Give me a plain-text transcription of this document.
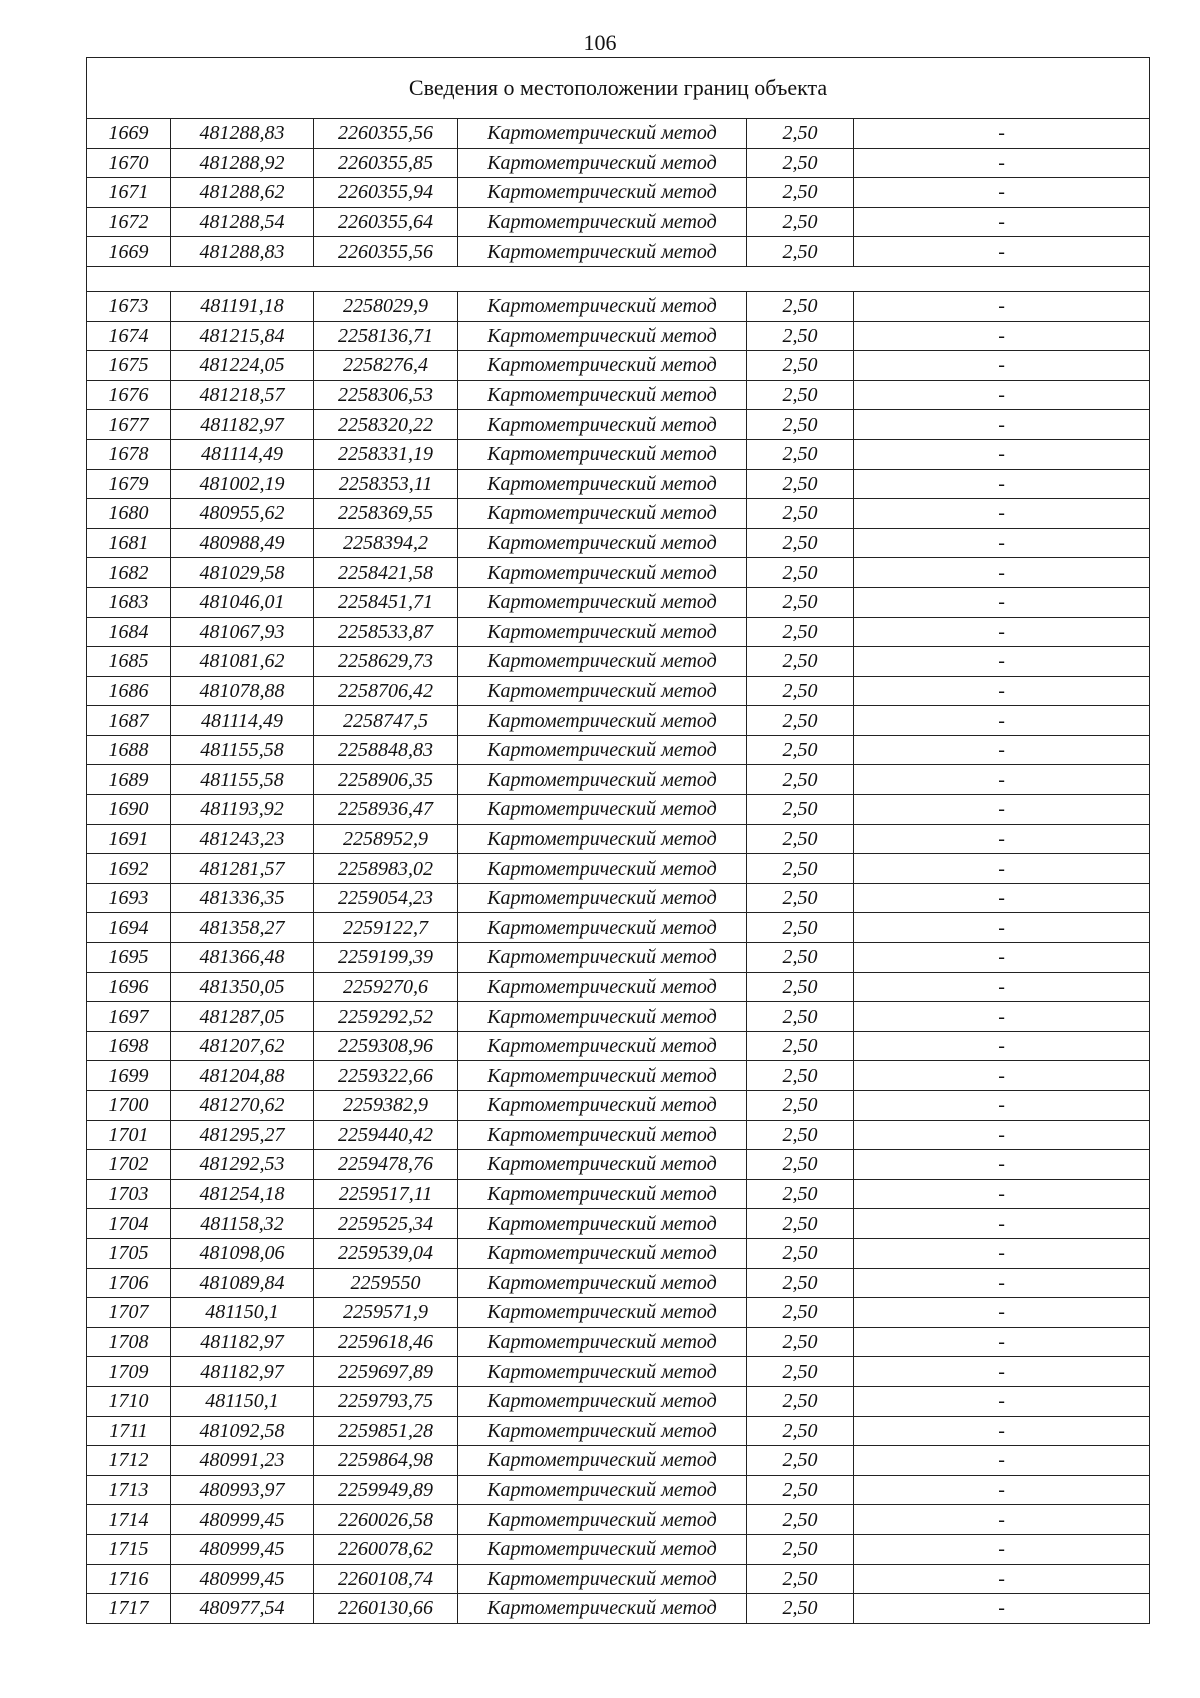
106
Сведения о местоположении границ объекта					
1669	481288,83	2260355,56	Картометрический метод	2,50	-
1670	481288,92	2260355,85	Картометрический метод	2,50	-
1671	481288,62	2260355,94	Картометрический метод	2,50	-
1672	481288,54	2260355,64	Картометрический метод	2,50	-
1669	481288,83	2260355,56	Картометрический метод	2,50	-

1673	481191,18	2258029,9	Картометрический метод	2,50	-
1674	481215,84	2258136,71	Картометрический метод	2,50	-
1675	481224,05	2258276,4	Картометрический метод	2,50	-
1676	481218,57	2258306,53	Картометрический метод	2,50	-
1677	481182,97	2258320,22	Картометрический метод	2,50	-
1678	481114,49	2258331,19	Картометрический метод	2,50	-
1679	481002,19	2258353,11	Картометрический метод	2,50	-
1680	480955,62	2258369,55	Картометрический метод	2,50	-
1681	480988,49	2258394,2	Картометрический метод	2,50	-
1682	481029,58	2258421,58	Картометрический метод	2,50	-
1683	481046,01	2258451,71	Картометрический метод	2,50	-
1684	481067,93	2258533,87	Картометрический метод	2,50	-
1685	481081,62	2258629,73	Картометрический метод	2,50	-
1686	481078,88	2258706,42	Картометрический метод	2,50	-
1687	481114,49	2258747,5	Картометрический метод	2,50	-
1688	481155,58	2258848,83	Картометрический метод	2,50	-
1689	481155,58	2258906,35	Картометрический метод	2,50	-
1690	481193,92	2258936,47	Картометрический метод	2,50	-
1691	481243,23	2258952,9	Картометрический метод	2,50	-
1692	481281,57	2258983,02	Картометрический метод	2,50	-
1693	481336,35	2259054,23	Картометрический метод	2,50	-
1694	481358,27	2259122,7	Картометрический метод	2,50	-
1695	481366,48	2259199,39	Картометрический метод	2,50	-
1696	481350,05	2259270,6	Картометрический метод	2,50	-
1697	481287,05	2259292,52	Картометрический метод	2,50	-
1698	481207,62	2259308,96	Картометрический метод	2,50	-
1699	481204,88	2259322,66	Картометрический метод	2,50	-
1700	481270,62	2259382,9	Картометрический метод	2,50	-
1701	481295,27	2259440,42	Картометрический метод	2,50	-
1702	481292,53	2259478,76	Картометрический метод	2,50	-
1703	481254,18	2259517,11	Картометрический метод	2,50	-
1704	481158,32	2259525,34	Картометрический метод	2,50	-
1705	481098,06	2259539,04	Картометрический метод	2,50	-
1706	481089,84	2259550	Картометрический метод	2,50	-
1707	481150,1	2259571,9	Картометрический метод	2,50	-
1708	481182,97	2259618,46	Картометрический метод	2,50	-
1709	481182,97	2259697,89	Картометрический метод	2,50	-
1710	481150,1	2259793,75	Картометрический метод	2,50	-
1711	481092,58	2259851,28	Картометрический метод	2,50	-
1712	480991,23	2259864,98	Картометрический метод	2,50	-
1713	480993,97	2259949,89	Картометрический метод	2,50	-
1714	480999,45	2260026,58	Картометрический метод	2,50	-
1715	480999,45	2260078,62	Картометрический метод	2,50	-
1716	480999,45	2260108,74	Картометрический метод	2,50	-
1717	480977,54	2260130,66	Картометрический метод	2,50	-
